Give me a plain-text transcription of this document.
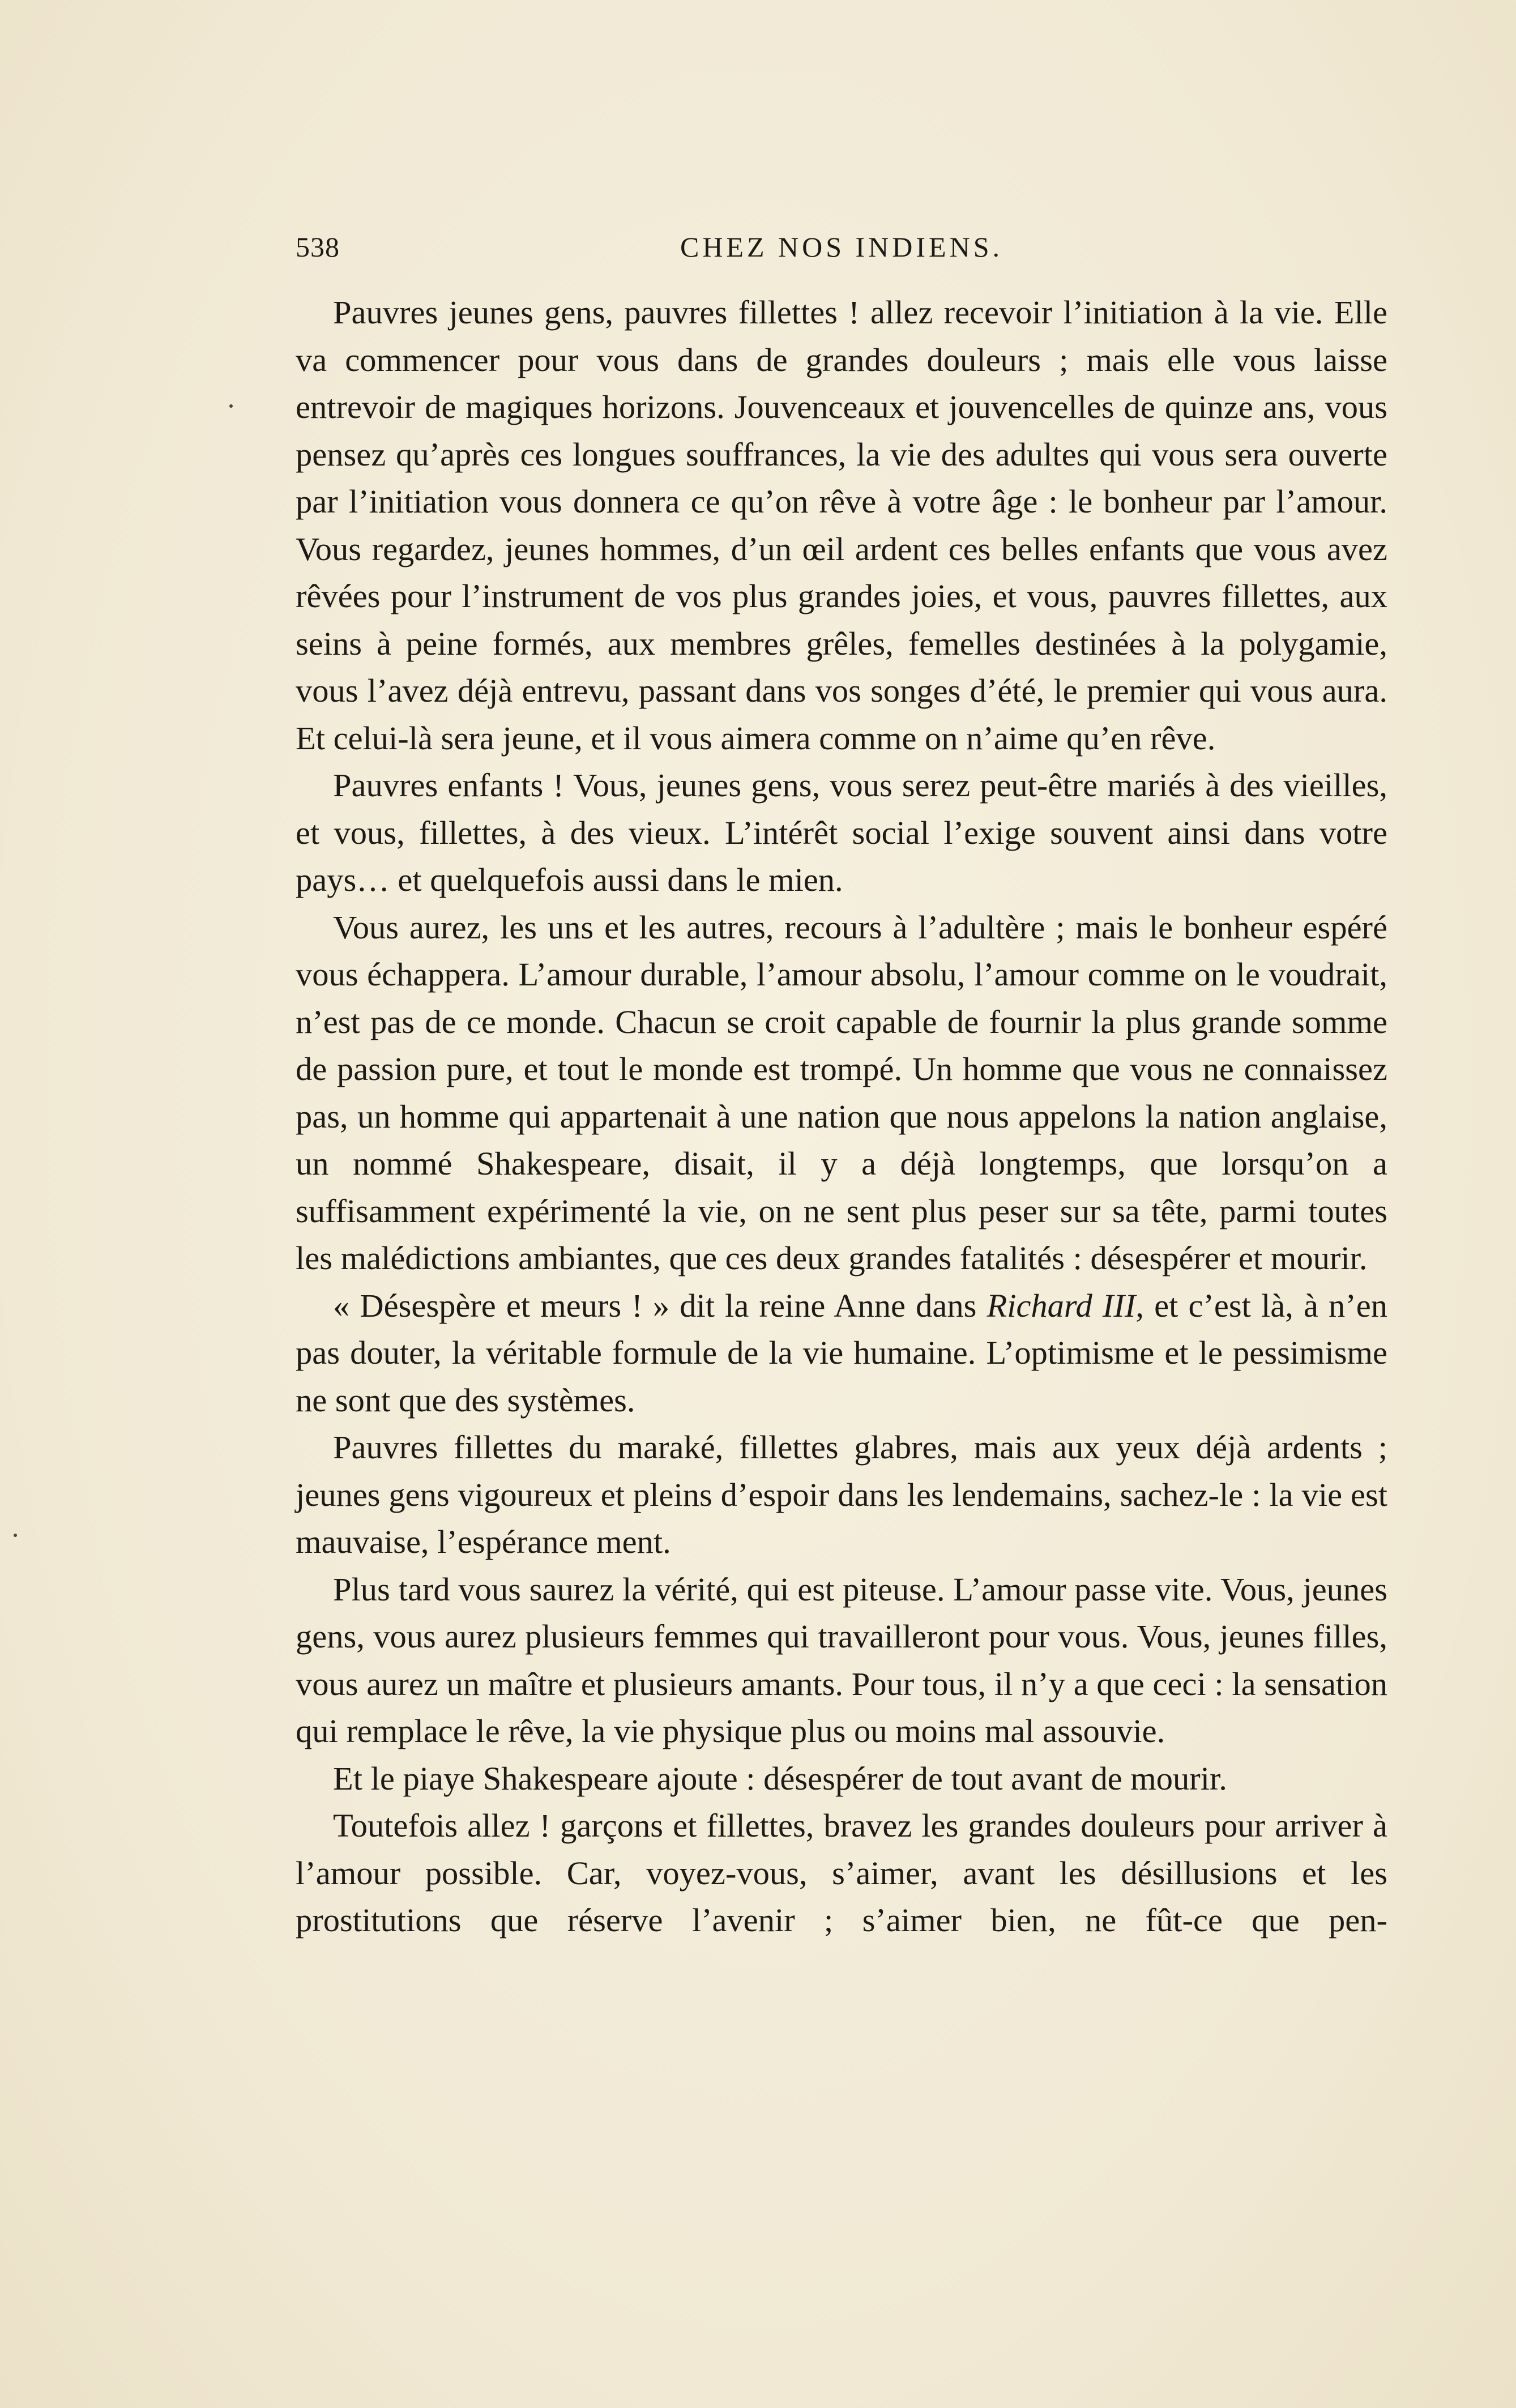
538	CHEZ NOS INDIENS.

Pauvres jeunes gens, pauvres fillettes ! allez recevoir l’initiation à la vie. Elle va commencer pour vous dans de grandes douleurs ; mais elle vous laisse entrevoir de magiques horizons. Jouvenceaux et jouvencelles de quinze ans, vous pensez qu’après ces longues souffrances, la vie des adultes qui vous sera ouverte par l’initiation vous donnera ce qu’on rêve à votre âge : le bonheur par l’amour. Vous regardez, jeunes hommes, d’un œil ardent ces belles enfants que vous avez rêvées pour l’instrument de vos plus grandes joies, et vous, pauvres fillettes, aux seins à peine formés, aux membres grêles, femelles destinées à la polygamie, vous l’avez déjà entrevu, passant dans vos songes d’été, le premier qui vous aura. Et celui-là sera jeune, et il vous aimera comme on n’aime qu’en rêve.

Pauvres enfants ! Vous, jeunes gens, vous serez peut-être mariés à des vieilles, et vous, fillettes, à des vieux. L’intérêt social l’exige souvent ainsi dans votre pays… et quelquefois aussi dans le mien.

Vous aurez, les uns et les autres, recours à l’adultère ; mais le bonheur espéré vous échappera. L’amour durable, l’amour absolu, l’amour comme on le voudrait, n’est pas de ce monde. Chacun se croit capable de fournir la plus grande somme de passion pure, et tout le monde est trompé. Un homme que vous ne connaissez pas, un homme qui appartenait à une nation que nous appelons la nation anglaise, un nommé Shakespeare, disait, il y a déjà longtemps, que lorsqu’on a suffisamment expérimenté la vie, on ne sent plus peser sur sa tête, parmi toutes les malédictions ambiantes, que ces deux grandes fatalités : désespérer et mourir.

« Désespère et meurs ! » dit la reine Anne dans Richard III, et c’est là, à n’en pas douter, la véritable formule de la vie humaine. L’optimisme et le pessimisme ne sont que des systèmes.

Pauvres fillettes du maraké, fillettes glabres, mais aux yeux déjà ardents ; jeunes gens vigoureux et pleins d’espoir dans les lendemains, sachez-le : la vie est mauvaise, l’espérance ment.

Plus tard vous saurez la vérité, qui est piteuse. L’amour passe vite. Vous, jeunes gens, vous aurez plusieurs femmes qui travailleront pour vous. Vous, jeunes filles, vous aurez un maître et plusieurs amants. Pour tous, il n’y a que ceci : la sensation qui remplace le rêve, la vie physique plus ou moins mal assouvie.

Et le piaye Shakespeare ajoute : désespérer de tout avant de mourir.

Toutefois allez ! garçons et fillettes, bravez les grandes douleurs pour arriver à l’amour possible. Car, voyez-vous, s’aimer, avant les désillusions et les prostitutions que réserve l’avenir ; s’aimer bien, ne fût-ce que pen-
